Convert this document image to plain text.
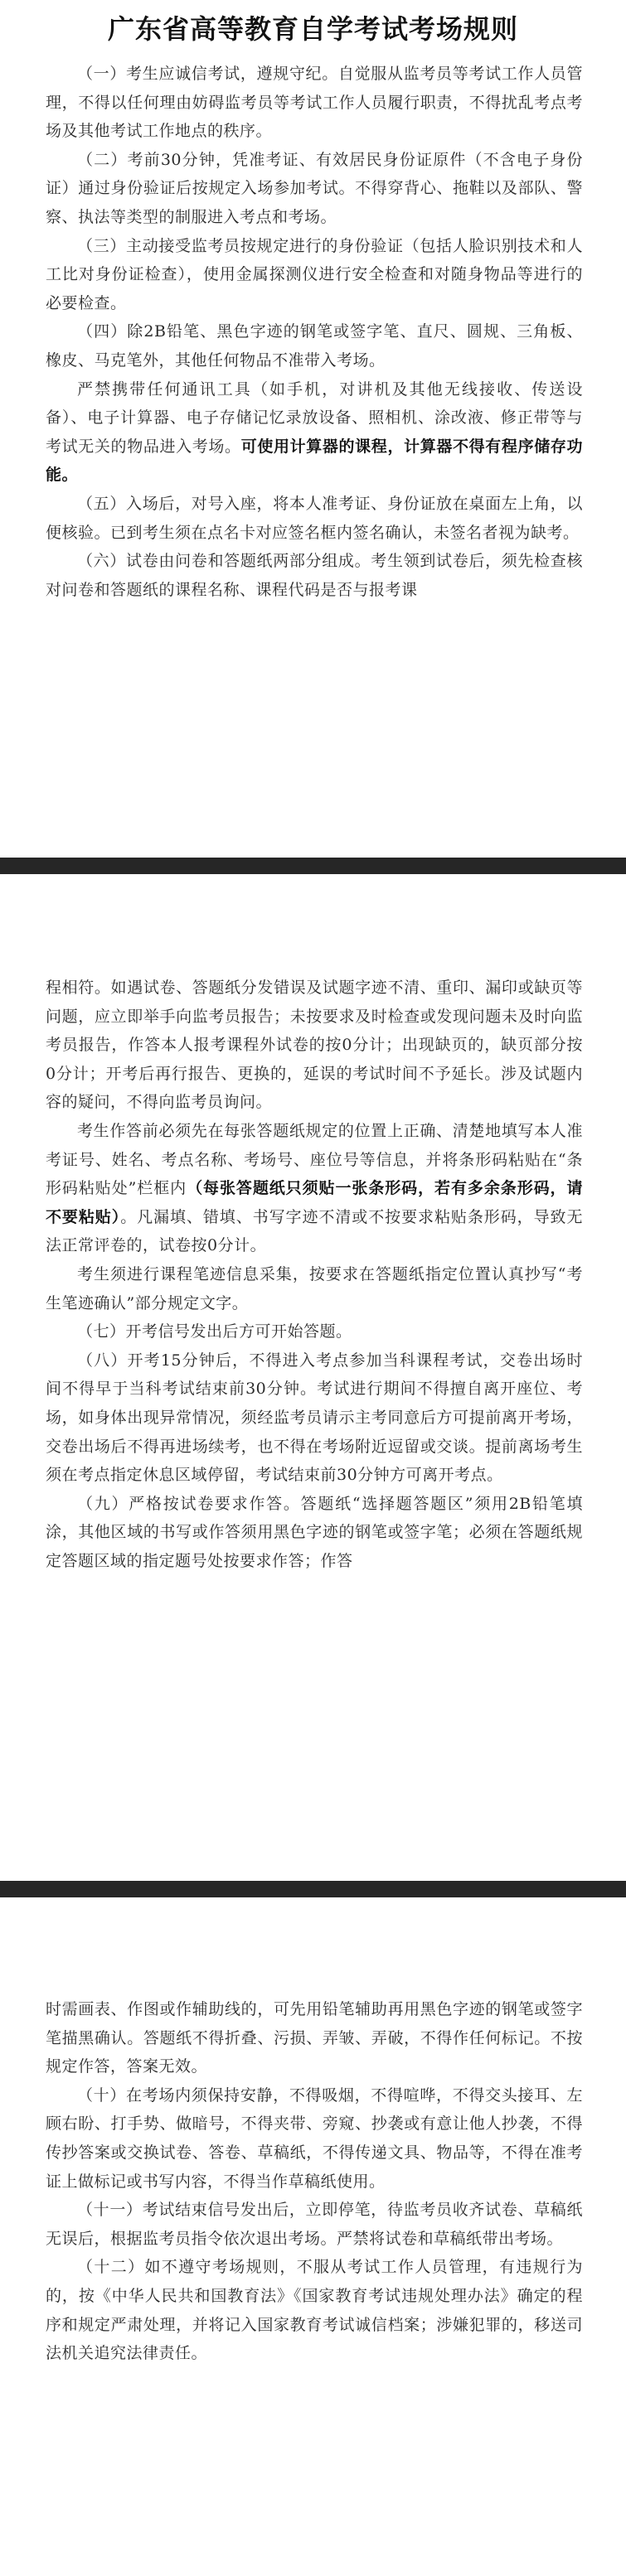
广东省高等教育自学考试考场规则

（一）考生应诚信考试，遵规守纪。自觉服从监考员等考试工作人员管理，不得以任何理由妨碍监考员等考试工作人员履行职责，不得扰乱考点考场及其他考试工作地点的秩序。

（二）考前30分钟，凭准考证、有效居民身份证原件（不含电子身份证）通过身份验证后按规定入场参加考试。不得穿背心、拖鞋以及部队、警察、执法等类型的制服进入考点和考场。

（三）主动接受监考员按规定进行的身份验证（包括人脸识别技术和人工比对身份证检查），使用金属探测仪进行安全检查和对随身物品等进行的必要检查。

（四）除2B铅笔、黑色字迹的钢笔或签字笔、直尺、圆规、三角板、橡皮、马克笔外，其他任何物品不准带入考场。

严禁携带任何通讯工具（如手机，对讲机及其他无线接收、传送设备）、电子计算器、电子存储记忆录放设备、照相机、涂改液、修正带等与考试无关的物品进入考场。可使用计算器的课程，计算器不得有程序储存功能。

（五）入场后，对号入座，将本人准考证、身份证放在桌面左上角，以便核验。已到考生须在点名卡对应签名框内签名确认，未签名者视为缺考。

（六）试卷由问卷和答题纸两部分组成。考生领到试卷后，须先检查核对问卷和答题纸的课程名称、课程代码是否与报考课

程相符。如遇试卷、答题纸分发错误及试题字迹不清、重印、漏印或缺页等问题，应立即举手向监考员报告；未按要求及时检查或发现问题未及时向监考员报告，作答本人报考课程外试卷的按0分计；出现缺页的，缺页部分按0分计；开考后再行报告、更换的，延误的考试时间不予延长。涉及试题内容的疑问，不得向监考员询问。

考生作答前必须先在每张答题纸规定的位置上正确、清楚地填写本人准考证号、姓名、考点名称、考场号、座位号等信息，并将条形码粘贴在“条形码粘贴处”栏框内（每张答题纸只须贴一张条形码，若有多余条形码，请不要粘贴）。凡漏填、错填、书写字迹不清或不按要求粘贴条形码，导致无法正常评卷的，试卷按0分计。

考生须进行课程笔迹信息采集，按要求在答题纸指定位置认真抄写“考生笔迹确认”部分规定文字。

（七）开考信号发出后方可开始答题。

（八）开考15分钟后，不得进入考点参加当科课程考试，交卷出场时间不得早于当科考试结束前30分钟。考试进行期间不得擅自离开座位、考场，如身体出现异常情况，须经监考员请示主考同意后方可提前离开考场，交卷出场后不得再进场续考，也不得在考场附近逗留或交谈。提前离场考生须在考点指定休息区域停留，考试结束前30分钟方可离开考点。

（九）严格按试卷要求作答。答题纸“选择题答题区”须用2B铅笔填涂，其他区域的书写或作答须用黑色字迹的钢笔或签字笔；必须在答题纸规定答题区域的指定题号处按要求作答；作答

时需画表、作图或作辅助线的，可先用铅笔辅助再用黑色字迹的钢笔或签字笔描黑确认。答题纸不得折叠、污损、弄皱、弄破，不得作任何标记。不按规定作答，答案无效。

（十）在考场内须保持安静，不得吸烟，不得喧哗，不得交头接耳、左顾右盼、打手势、做暗号，不得夹带、旁窥、抄袭或有意让他人抄袭，不得传抄答案或交换试卷、答卷、草稿纸，不得传递文具、物品等，不得在准考证上做标记或书写内容，不得当作草稿纸使用。

（十一）考试结束信号发出后，立即停笔，待监考员收齐试卷、草稿纸无误后，根据监考员指令依次退出考场。严禁将试卷和草稿纸带出考场。

（十二）如不遵守考场规则，不服从考试工作人员管理，有违规行为的，按《中华人民共和国教育法》《国家教育考试违规处理办法》确定的程序和规定严肃处理，并将记入国家教育考试诚信档案；涉嫌犯罪的，移送司法机关追究法律责任。
